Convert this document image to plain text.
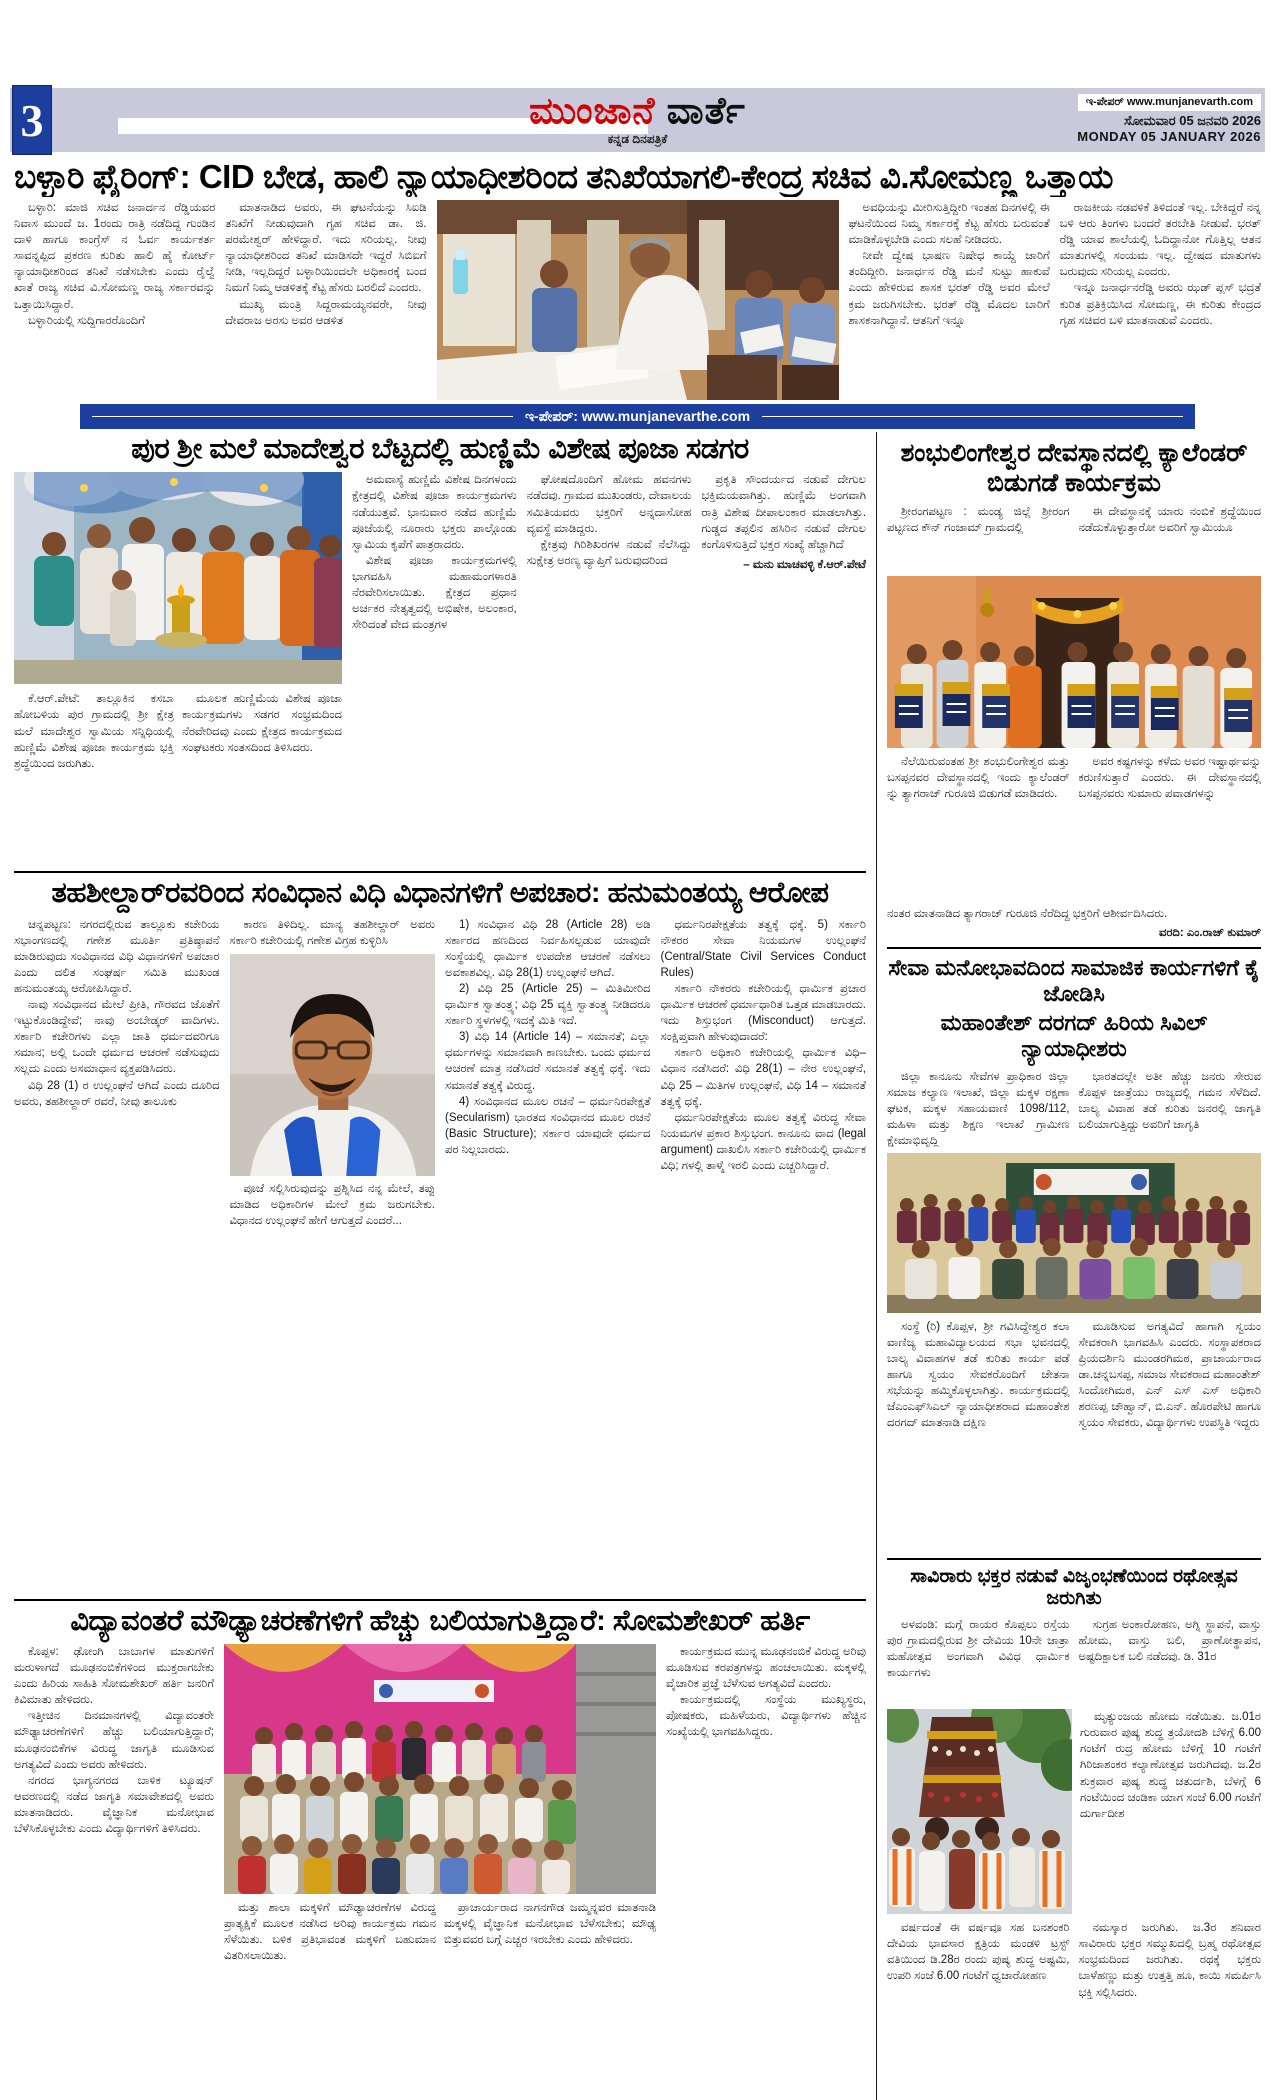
3	ಮುಂಜಾನೆ ವಾರ್ತೆ
ಕನ್ನಡ ದಿನಪತ್ರಿಕೆ
ಇ-ಪೇಪರ್ www.munjanevarth.com
ಸೋಮವಾರ 05 ಜನವರಿ 2026
MONDAY 05 JANUARY 2026
ಬಳ್ಳಾರಿ ಫೈರಿಂಗ್: CID ಬೇಡ, ಹಾಲಿ ನ್ಯಾಯಾಧೀಶರಿಂದ ತನಿಖೆಯಾಗಲಿ-ಕೇಂದ್ರ ಸಚಿವ ವಿ.ಸೋಮಣ್ಣ ಒತ್ತಾಯ

ಬಳ್ಳಾರಿ: ಮಾಜಿ ಸಚಿವ ಜನಾರ್ದನ ರೆಡ್ಡಿಯವರ ನಿವಾಸ ಮುಂದೆ ಜ. 1ರಂದು ರಾತ್ರಿ ನಡೆದಿದ್ದ ಗುಂಡಿನ ದಾಳಿ ಹಾಗೂ ಕಾಂಗ್ರೆಸ್ ನ ಓರ್ವ ಕಾರ್ಯಕರ್ತ ಸಾವನ್ನಪ್ಪಿದ ಪ್ರಕರಣ ಕುರಿತು ಹಾಲಿ ಹೈ ಕೋರ್ಟ್ ನ್ಯಾಯಾಧೀಶರಿಂದ ತನಿಖೆ ನಡೆಸಬೇಕು ಎಂದು ರೈಲ್ವೆ ಖಾತೆ ರಾಜ್ಯ ಸಚಿವ ವಿ.ಸೋಮಣ್ಣ ರಾಜ್ಯ ಸರ್ಕಾರವನ್ನು ಒತ್ತಾಯಿಸಿದ್ದಾರೆ.

ಬಳ್ಳಾರಿಯಲ್ಲಿ ಸುದ್ದಿಗಾರರೊಂದಿಗೆ

ಮಾತನಾಡಿದ ಅವರು, ಈ ಘಟನೆಯನ್ನು ಸಿಐಡಿ ತನಿಖೆಗೆ ನೀಡುವುದಾಗಿ ಗೃಹ ಸಚಿವ ಡಾ. ಜಿ. ಪರಮೇಶ್ವರ್ ಹೇಳಿದ್ದಾರೆ. ಇದು ಸರಿಯಲ್ಲ. ನೀವು ನ್ಯಾಯಾಧೀಶರಿಂದ ತನಿಖೆ ಮಾಡಿಸದೇ ಇದ್ದರೆ ಸಿಬಿಐಗೆ ನೀಡಿ, ಇಲ್ಲದಿದ್ದರೆ ಬಳ್ಳಾರಿಯಿಂದಲೇ ಅಧಿಕಾರಕ್ಕೆ ಬಂದ ನಿಮಗೆ ನಿಮ್ಮ ಆಡಳಿತಕ್ಕೆ ಕೆಟ್ಟ ಹೆಸರು ಬರಲಿದೆ ಎಂದರು.

ಮುಖ್ಯ ಮಂತ್ರಿ ಸಿದ್ದರಾಮಯ್ಯನವರೇ, ನೀವು ದೇವರಾಜ ಅರಸು ಅವರ ಆಡಳಿತ

ಅವಧಿಯನ್ನು ಮೀರಿಸುತ್ತಿದ್ದೀರಿ ಇಂತಹ ದಿನಗಳಲ್ಲಿ ಈ ಘಟನೆಯಿಂದ ನಿಮ್ಮ ಸರ್ಕಾರಕ್ಕೆ ಕೆಟ್ಟ ಹೆಸರು ಬರುವಂತೆ ಮಾಡಿಕೊಳ್ಳಬೇಡಿ ಎಂದು ಸಲಹೆ ನೀಡಿದರು.

ನೀವೇ ದ್ವೇಷ ಭಾಷಣ ನಿಷೇಧ ಕಾಯ್ದೆ ಜಾರಿಗೆ ತಂದಿದ್ದೀರಿ. ಜನಾರ್ಧನ ರೆಡ್ಡಿ ಮನೆ ಸುಟ್ಟು ಹಾಕುವೆ ಎಂದು ಹೇಳಿರುವ ಶಾಸಕ ಭರತ್ ರೆಡ್ಡಿ ಅವರ ಮೇಲೆ ಕ್ರಮ ಜರುಗಿಸಬೇಕು. ಭರತ್ ರೆಡ್ಡಿ ಮೊದಲ ಬಾರಿಗೆ ಶಾಸಕನಾಗಿದ್ದಾನೆ. ಆತನಿಗೆ ಇನ್ನೂ

ರಾಜಕೀಯ ನಡವಳಿಕೆ ತಿಳಿದಂತೆ ಇಲ್ಲ. ಬೇಕಿದ್ದರೆ ನನ್ನ ಬಳಿ ಆರು ತಿಂಗಳು ಬಂದರೆ ತರಬೇತಿ ನೀಡುವೆ. ಭರತ್ ರೆಡ್ಡಿ ಯಾವ ಶಾಲೆಯಲ್ಲಿ ಓದಿದ್ದಾನೋ ಗೊತ್ತಿಲ್ಲ ಆತನ ಮಾತುಗಳಲ್ಲಿ ಸಂಯಮ ಇಲ್ಲ. ದ್ವೇಷದ ಮಾತುಗಳು ಬರುವುದು ಸರಿಯಲ್ಲ ಎಂದರು.

ಇನ್ನೂ ಜನಾರ್ಧನರೆಡ್ಡಿ ಅವರು ಝಡ್ ಪ್ಲಸ್ ಭದ್ರತೆ ಕುರಿತ ಪ್ರತಿಕ್ರಿಯಿಸಿದ ಸೋಮಣ್ಣ, ಈ ಕುರಿತು ಕೇಂದ್ರದ ಗೃಹ ಸಚಿವರ ಬಳಿ ಮಾತನಾಡುವೆ ಎಂದರು.

ಇ-ಪೇಪರ್: www.munjanevarthe.com
ಪುರ ಶ್ರೀ ಮಲೆ ಮಾದೇಶ್ವರ ಬೆಟ್ಟದಲ್ಲಿ ಹುಣ್ಣಿಮೆ ವಿಶೇಷ ಪೂಜಾ ಸಡಗರ

ಕೆ.ಆರ್.ಪೇಟೆ: ತಾಲ್ಲೂಕಿನ ಕಸಬಾ ಹೋಬಳಿಯ ಪುರ ಗ್ರಾಮದಲ್ಲಿ ಶ್ರೀ ಕ್ಷೇತ್ರ ಮಲೆ ಮಾದೇಶ್ವರ ಸ್ವಾಮಿಯ ಸನ್ನಿಧಿಯಲ್ಲಿ ಹುಣ್ಣಿಮೆ ವಿಶೇಷ ಪೂಜಾ ಕಾರ್ಯಕ್ರಮ ಭಕ್ತಿ ಶ್ರದ್ಧೆಯಿಂದ ಜರುಗಿತು.

ಮೂಲಕ ಹುಣ್ಣಿಮೆಯ ವಿಶೇಷ ಪೂಜಾ ಕಾರ್ಯಕ್ರಮಗಳು ಸಡಗರ ಸಂಭ್ರಮದಿಂದ ನೆರವೇರಿದವು ಎಂದು ಕ್ಷೇತ್ರದ ಕಾರ್ಯಕ್ರಮದ ಸಂಘಟಕರು ಸಂತಸದಿಂದ ತಿಳಿಸಿದರು.

ಅಮವಾಸ್ಯೆ ಹುಣ್ಣಿಮೆ ವಿಶೇಷ ದಿನಗಳಂದು ಕ್ಷೇತ್ರದಲ್ಲಿ ವಿಶೇಷ ಪೂಜಾ ಕಾರ್ಯಕ್ರಮಗಳು ನಡೆಯುತ್ತವೆ. ಭಾನುವಾರ ನಡೆದ ಹುಣ್ಣಿಮೆ ಪೂಜೆಯಲ್ಲಿ ನೂರಾರು ಭಕ್ತರು ಪಾಲ್ಗೊಂಡು ಸ್ವಾಮಿಯ ಕೃಪೆಗೆ ಪಾತ್ರರಾದರು.

ವಿಶೇಷ ಪೂಜಾ ಕಾರ್ಯಕ್ರಮಗಳಲ್ಲಿ ಭಾಗವಹಿಸಿ ಮಹಾಮಂಗಳಾರತಿ ನೆರವೇರಿಸಲಾಯಿತು. ಕ್ಷೇತ್ರದ ಪ್ರಧಾನ ಅರ್ಚಕರ ನೇತೃತ್ವದಲ್ಲಿ ಅಭಿಷೇಕ, ಅಲಂಕಾರ, ಸೇರಿದಂತೆ ವೇದ ಮಂತ್ರಗಳ

ಘೋಷದೊಂದಿಗೆ ಹೋಮ ಹವನಗಳು ನಡೆದವು. ಗ್ರಾಮದ ಮುಖಂಡರು, ದೇವಾಲಯ ಸಮಿತಿಯವರು ಭಕ್ತರಿಗೆ ಅನ್ನದಾಸೋಹ ವ್ಯವಸ್ಥೆ ಮಾಡಿದ್ದರು.

ಕ್ಷೇತ್ರವು ಗಿರಿಶಿಖರಗಳ ನಡುವೆ ನೆಲೆಸಿದ್ದು ಸುಕ್ಷೇತ್ರ ಅರಣ್ಯ ವ್ಯಾಪ್ತಿಗೆ ಬರುವುದರಿಂದ

ಪ್ರಕೃತಿ ಸೌಂದರ್ಯದ ನಡುವೆ ದೇಗುಲ ಭಕ್ತಿಮಯವಾಗಿತ್ತು. ಹುಣ್ಣಿಮೆ ಅಂಗವಾಗಿ ರಾತ್ರಿ ವಿಶೇಷ ದೀಪಾಲಂಕಾರ ಮಾಡಲಾಗಿತ್ತು. ಗುಡ್ಡದ ತಪ್ಪಲಿನ ಹಸಿರಿನ ನಡುವೆ ದೇಗುಲ ಕಂಗೊಳಿಸುತ್ತಿದೆ ಭಕ್ತರ ಸಂಖ್ಯೆ ಹೆಚ್ಚಾಗಿದೆ

– ಮನು ಮಾಚವಳ್ಳಿ ಕೆ.ಆರ್.ಪೇಟೆ

ತಹಶೀಲ್ದಾರ್‌ರವರಿಂದ ಸಂವಿಧಾನ ವಿಧಿ ವಿಧಾನಗಳಿಗೆ ಅಪಚಾರ: ಹನುಮಂತಯ್ಯ ಆರೋಪ

ಚನ್ನಪಟ್ಟಣ: ನಗರದಲ್ಲಿರುವ ತಾಲ್ಲೂಕು ಕಚೇರಿಯ ಸಭಾಂಗಣದಲ್ಲಿ ಗಣೇಶ ಮೂರ್ತಿ ಪ್ರತಿಷ್ಠಾಪನೆ ಮಾಡಿರುವುದು ಸಂವಿಧಾನದ ವಿಧಿ ವಿಧಾನಗಳಿಗೆ ಅಪಚಾರ ಎಂದು ದಲಿತ ಸಂಘರ್ಷ ಸಮಿತಿ ಮುಖಂಡ ಹನುಮಂತಯ್ಯ ಆರೋಪಿಸಿದ್ದಾರೆ.

ನಾವು ಸಂವಿಧಾನದ ಮೇಲೆ ಪ್ರೀತಿ, ಗೌರವದ ಜೊತೆಗೆ ಇಟ್ಟುಕೊಂಡಿದ್ದೇವೆ; ನಾವು ಅಂಬೇಡ್ಕರ್ ವಾದಿಗಳು. ಸರ್ಕಾರಿ ಕಚೇರಿಗಳು ಎಲ್ಲಾ ಜಾತಿ ಧರ್ಮದವರಿಗೂ ಸಮಾನ; ಅಲ್ಲಿ ಒಂದೇ ಧರ್ಮದ ಆಚರಣೆ ನಡೆಸುವುದು ಸಲ್ಲದು ಎಂದು ಅಸಮಾಧಾನ ವ್ಯಕ್ತಪಡಿಸಿದರು.

ವಿಧಿ 28 (1) ರ ಉಲ್ಲಂಘನೆ ಆಗಿದೆ ಎಂದು ದೂರಿದ ಅವರು, ತಹಶೀಲ್ದಾರ್ ರವರೆ, ನೀವು ತಾಲೂಕು

ಕಾರಣ ತಿಳಿದಿಲ್ಲ. ಮಾನ್ಯ ತಹಶೀಲ್ದಾರ್ ಅವರು ಸರ್ಕಾರಿ ಕಚೇರಿಯಲ್ಲಿ ಗಣೇಶ ವಿಗ್ರಹ ಕುಳ್ಳಿರಿಸಿ

ಪೂಜೆ ಸಲ್ಲಿಸಿರುವುದನ್ನು ಪ್ರಶ್ನಿಸಿದ ನನ್ನ ಮೇಲೆ, ತಪ್ಪು ಮಾಡಿದ ಅಧಿಕಾರಿಗಳ ಮೇಲೆ ಕ್ರಮ ಜರುಗಬೇಕು. ವಿಧಾನದ ಉಲ್ಲಂಘನೆ ಹೇಗೆ ಆಗುತ್ತದೆ ಎಂದರೆ...

1) ಸಂವಿಧಾನ ವಿಧಿ 28 (Article 28) ಅಡಿ ಸರ್ಕಾರದ ಹಣದಿಂದ ನಿರ್ವಹಿಸಲ್ಪಡುವ ಯಾವುದೇ ಸಂಸ್ಥೆಯಲ್ಲಿ ಧಾರ್ಮಿಕ ಉಪದೇಶ ಆಚರಣೆ ನಡೆಸಲು ಅವಕಾಶವಿಲ್ಲ. ವಿಧಿ 28(1) ಉಲ್ಲಂಘನೆ ಆಗಿದೆ.

2) ವಿಧಿ 25 (Article 25) – ಮಿತಿಮೀರಿದ ಧಾರ್ಮಿಕ ಸ್ವಾತಂತ್ರ್ಯ; ವಿಧಿ 25 ವ್ಯಕ್ತಿ ಸ್ವಾತಂತ್ರ್ಯ ನೀಡಿದರೂ ಸರ್ಕಾರಿ ಸ್ಥಳಗಳಲ್ಲಿ ಇದಕ್ಕೆ ಮಿತಿ ಇದೆ.

3) ವಿಧಿ 14 (Article 14) – ಸಮಾನತೆ; ಎಲ್ಲಾ ಧರ್ಮಗಳನ್ನು ಸಮಾನವಾಗಿ ಕಾಣಬೇಕು. ಒಂದು ಧರ್ಮದ ಆಚರಣೆ ಮಾತ್ರ ನಡೆಸಿದರೆ ಸಮಾನತೆ ತತ್ವಕ್ಕೆ ಧಕ್ಕೆ. ಇದು ಸಮಾನತೆ ತತ್ವಕ್ಕೆ ವಿರುದ್ಧ.

4) ಸಂವಿಧಾನದ ಮೂಲ ರಚನೆ – ಧರ್ಮನಿರಪೇಕ್ಷತೆ (Secularism) ಭಾರತದ ಸಂವಿಧಾನದ ಮೂಲ ರಚನೆ (Basic Structure); ಸರ್ಕಾರ ಯಾವುದೇ ಧರ್ಮದ ಪರ ನಿಲ್ಲಬಾರದು.

ಧರ್ಮನಿರಪೇಕ್ಷತೆಯ ತತ್ವಕ್ಕೆ ಧಕ್ಕೆ. 5) ಸರ್ಕಾರಿ ನೌಕರರ ಸೇವಾ ನಿಯಮಗಳ ಉಲ್ಲಂಘನೆ (Central/State Civil Services Conduct Rules)

ಸರ್ಕಾರಿ ನೌಕರರು ಕಚೇರಿಯಲ್ಲಿ ಧಾರ್ಮಿಕ ಪ್ರಚಾರ ಧಾರ್ಮಿಕ ಆಚರಣೆ ಧರ್ಮಾಧಾರಿತ ಒತ್ತಡ ಮಾಡಬಾರದು. ಇದು ಶಿಸ್ತುಭಂಗ (Misconduct) ಆಗುತ್ತದೆ. ಸಂಕ್ಷಿಪ್ತವಾಗಿ ಹೇಳುವುದಾದರೆ:

ಸರ್ಕಾರಿ ಅಧಿಕಾರಿ ಕಚೇರಿಯಲ್ಲಿ ಧಾರ್ಮಿಕ ವಿಧಿ–ವಿಧಾನ ನಡೆಸಿದರೆ: ವಿಧಿ 28(1) – ನೇರ ಉಲ್ಲಂಘನೆ, ವಿಧಿ 25 – ಮಿತಿಗಳ ಉಲ್ಲಂಘನೆ, ವಿಧಿ 14 – ಸಮಾನತೆ ತತ್ವಕ್ಕೆ ಧಕ್ಕೆ.

ಧರ್ಮನಿರಪೇಕ್ಷತೆಯ ಮೂಲ ತತ್ವಕ್ಕೆ ವಿರುದ್ಧ ಸೇವಾ ನಿಯಮಗಳ ಪ್ರಕಾರ ಶಿಸ್ತುಭಂಗ. ಕಾನೂನು ವಾದ (legal argument) ದಾಖಲಿಸಿ ಸರ್ಕಾರಿ ಕಚೇರಿಯಲ್ಲಿ ಧಾರ್ಮಿಕ ವಿಧಿ; ಗಳಲ್ಲಿ ತಾಳ್ಮೆ ಇರಲಿ ಎಂದು ಎಚ್ಚರಿಸಿದ್ದಾರೆ.

ವಿದ್ಯಾವಂತರೆ ಮೌಢ್ಯಾಚರಣೆಗಳಿಗೆ ಹೆಚ್ಚು ಬಲಿಯಾಗುತ್ತಿದ್ದಾರೆ: ಸೋಮಶೇಖರ್ ಹರ್ತಿ

ಕೊಪ್ಪಳ: ಢೋಂಗಿ ಬಾಬಾಗಳ ಮಾತುಗಳಿಗೆ ಮರುಳಾಗದೆ ಮೂಢನಂಬಿಕೆಗಳಿಂದ ಮುಕ್ತರಾಗಬೇಕು ಎಂದು ಹಿರಿಯ ಸಾಹಿತಿ ಸೋಮಶೇಖರ್ ಹರ್ತಿ ಜನರಿಗೆ ಕಿವಿಮಾತು ಹೇಳಿದರು.

ಇತ್ತೀಚಿನ ದಿನಮಾನಗಳಲ್ಲಿ ವಿದ್ಯಾವಂತರೇ ಮೌಢ್ಯಾಚರಣೆಗಳಿಗೆ ಹೆಚ್ಚು ಬಲಿಯಾಗುತ್ತಿದ್ದಾರೆ; ಮೂಢನಂಬಿಕೆಗಳ ವಿರುದ್ಧ ಜಾಗೃತಿ ಮೂಡಿಸುವ ಅಗತ್ಯವಿದೆ ಎಂದು ಅವರು ಹೇಳಿದರು.

ನಗರದ ಭಾಗ್ಯನಗರದ ಬಾಳಿಕ ಟ್ಯೂಷನ್ ಆವರಣದಲ್ಲಿ ನಡೆದ ಜಾಗೃತಿ ಸಮಾವೇಶದಲ್ಲಿ ಅವರು ಮಾತನಾಡಿದರು. ವೈಜ್ಞಾನಿಕ ಮನೋಭಾವ ಬೆಳೆಸಿಕೊಳ್ಳಬೇಕು ಎಂದು ವಿದ್ಯಾರ್ಥಿಗಳಿಗೆ ತಿಳಿಸಿದರು.

ಮತ್ತು ಶಾಲಾ ಮಕ್ಕಳಿಗೆ ಮೌಢ್ಯಾಚರಣೆಗಳ ವಿರುದ್ಧ ಪ್ರಾತ್ಯಕ್ಷಿಕೆ ಮೂಲಕ ನಡೆಸಿದ ಅರಿವು ಕಾರ್ಯಕ್ರಮ ಗಮನ ಸೆಳೆಯಿತು. ಬಳಿಕ ಪ್ರತಿಭಾವಂತ ಮಕ್ಕಳಿಗೆ ಬಹುಮಾನ ವಿತರಿಸಲಾಯಿತು.

ಪ್ರಾಚಾರ್ಯರಾದ ನಾಗನಗೌಡ ಜಮ್ಮನ್ನವರ ಮಾತನಾಡಿ ಮಕ್ಕಳಲ್ಲಿ ವೈಜ್ಞಾನಿಕ ಮನೋಭಾವ ಬೆಳೆಸಬೇಕು; ಮೌಢ್ಯ ಬಿತ್ತುವವರ ಬಗ್ಗೆ ಎಚ್ಚರ ಇರಬೇಕು ಎಂದು ಹೇಳಿದರು.

ಕಾರ್ಯಕ್ರಮದ ಮುನ್ನ ಮೂಢನಂಬಿಕೆ ವಿರುದ್ಧ ಅರಿವು ಮೂಡಿಸುವ ಕರಪತ್ರಗಳನ್ನು ಹಂಚಲಾಯಿತು. ಮಕ್ಕಳಲ್ಲಿ ವೈಚಾರಿಕ ಪ್ರಜ್ಞೆ ಬೆಳೆಸುವ ಅಗತ್ಯವಿದೆ ಎಂದರು.

ಕಾರ್ಯಕ್ರಮದಲ್ಲಿ ಸಂಸ್ಥೆಯ ಮುಖ್ಯಸ್ಥರು, ಪೋಷಕರು, ಮಹಿಳೆಯರು, ವಿದ್ಯಾರ್ಥಿಗಳು ಹೆಚ್ಚಿನ ಸಂಖ್ಯೆಯಲ್ಲಿ ಭಾಗವಹಿಸಿದ್ದರು.

ಶಂಭುಲಿಂಗೇಶ್ವರ ದೇವಸ್ಥಾನದಲ್ಲಿ ಕ್ಯಾಲೆಂಡರ್ ಬಿಡುಗಡೆ ಕಾರ್ಯಕ್ರಮ

ಶ್ರೀರಂಗಪಟ್ಟಣ : ಮಂಡ್ಯ ಜಿಲ್ಲೆ ಶ್ರೀರಂಗ ಪಟ್ಟಣದ ಕೌನ್ ಗಂಜಾಮ್ ಗ್ರಾಮದಲ್ಲಿ

ಈ ದೇವಸ್ಥಾನಕ್ಕೆ ಯಾರು ನಂಬಿಕೆ ಶ್ರದ್ಧೆಯಿಂದ ನಡೆದುಕೊಳ್ಳುತ್ತಾರೋ ಅವರಿಗೆ ಸ್ವಾಮಿಯೂ

ನೆಲೆಯಿರುವಂತಹ ಶ್ರೀ ಶಂಭುಲಿಂಗೇಶ್ವರ ಮತ್ತು ಬಸಪ್ಪನವರ ದೇವಸ್ಥಾನದಲ್ಲಿ ಇಂದು ಕ್ಯಾಲೆಂಡರ್ ನ್ನು ತ್ಯಾಗರಾಜ್ ಗುರೂಜಿ ಬಿಡುಗಡೆ ಮಾಡಿದರು.

ಅವರ ಕಷ್ಟಗಳನ್ನು ಕಳೆದು ಅವರ ಇಷ್ಟಾರ್ಥವನ್ನು ಕರುಣಿಸುತ್ತಾರೆ ಎಂದರು. ಈ ದೇವಸ್ಥಾನದಲ್ಲಿ ಬಸಪ್ಪನವರು ಸುಮಾರು ಪವಾಡಗಳನ್ನು

ನಂತರ ಮಾತನಾಡಿದ ತ್ಯಾಗರಾಜ್ ಗುರೂಜಿ ನೆರೆದಿದ್ದ ಭಕ್ತರಿಗೆ ಆಶೀರ್ವದಿಸಿದರು.

ವರದಿ: ಎಂ.ರಾಜ್ ಕುಮಾರ್

ಸೇವಾ ಮನೋಭಾವದಿಂದ ಸಾಮಾಜಿಕ ಕಾರ್ಯಗಳಿಗೆ ಕೈ ಜೋಡಿಸಿ
ಮಹಾಂತೇಶ್ ದರಗದ್ ಹಿರಿಯ ಸಿವಿಲ್ ನ್ಯಾಯಾಧೀಶರು

ಜಿಲ್ಲಾ ಕಾನೂನು ಸೇವೆಗಳ ಪ್ರಾಧಿಕಾರ ಜಿಲ್ಲಾ ಸಮಾಜ ಕಲ್ಯಾಣ ಇಲಾಖೆ, ಜಿಲ್ಲಾ ಮಕ್ಕಳ ರಕ್ಷಣಾ ಘಟಕ, ಮಕ್ಕಳ ಸಹಾಯವಾಣಿ 1098/112, ಮಹಿಳಾ ಮತ್ತು ಶಿಕ್ಷಣ ಇಲಾಖೆ ಗ್ರಾಮೀಣ ಕ್ಷೇಮಾಭಿವೃದ್ಧಿ

ಭಾರತದಲ್ಲೇ ಅತೀ ಹೆಚ್ಚು ಜನರು ಸೇರುವ ಕೊಪ್ಪಳ ಜಾತ್ರೆಯು ರಾಜ್ಯದಲ್ಲಿ ಗಮನ ಸೆಳೆದಿದೆ. ಬಾಲ್ಯ ವಿವಾಹ ತಡೆ ಕುರಿತು ಜನರಲ್ಲಿ ಜಾಗೃತಿ ಬಲಿಯಾಗುತ್ತಿದ್ದು ಅವರಿಗೆ ಜಾಗೃತಿ

ಸಂಸ್ಥೆ (ರಿ) ಕೊಪ್ಪಳ, ಶ್ರೀ ಗವಿಸಿದ್ದೇಶ್ವರ ಕಲಾ ವಾಣಿಜ್ಯ ಮಹಾವಿದ್ಯಾಲಯದ ಸಭಾ ಭವನದಲ್ಲಿ ಬಾಲ್ಯ ವಿವಾಹಗಳ ತಡೆ ಕುರಿತು ಕಾರ್ಯ ಪಡೆ ಹಾಗೂ ಸ್ವಯಂ ಸೇವಕರೊಂದಿಗೆ ಚೇತನಾ ಸಭೆಯನ್ನು ಹಮ್ಮಿಕೊಳ್ಳಲಾಗಿತ್ತು. ಕಾರ್ಯಕ್ರಮದಲ್ಲಿ ಜೆಎಂಎಫ್‌ಸಿಎಲ್ ನ್ಯಾಯಾಧೀಶರಾದ ಮಹಾಂತೇಶ ದರಗದ್ ಮಾತನಾಡಿ ದಕ್ಷಿಣ

ಮೂಡಿಸುವ ಅಗತ್ಯವಿದೆ ಹಾಗಾಗಿ ಸ್ವಯಂ ಸೇವಕರಾಗಿ ಭಾಗವಹಿಸಿ ಎಂದರು. ಸಂಸ್ಥಾಪಕರಾದ ಪ್ರಿಯದರ್ಶಿನಿ ಮುಂಡರಗಿಮಠ, ಪ್ರಾಚಾರ್ಯರಾದ ಡಾ.ಚನ್ನಬಸಪ್ಪ, ಸಮಾಜ ಸೇವಕರಾದ ಮಹಾಂತೇಶ್ ಸಿಂದೋಗಿಮಠ, ಎನ್ ಎಸ್ ಎಸ್ ಅಧಿಕಾರಿ ಶರಣಪ್ಪ ಚೌಹ್ವಾನ್, ಬಿ.ಎನ್. ಹೊರಪೇಟಿ ಹಾಗೂ ಸ್ವಯಂ ಸೇವಕರು, ವಿದ್ಯಾರ್ಥಿಗಳು ಉಪಸ್ಥಿತಿ ಇದ್ದರು

ಸಾವಿರಾರು ಭಕ್ತರ ನಡುವೆ ವಿಜೃಂಭಣೆಯಿಂದ ರಥೋತ್ಸವ ಜರುಗಿತು

ಅಳವಂಡಿ: ಮಗ್ಗೆ ರಾಯರ ಕೊಪ್ಪಲು ರಸ್ತೆಯ ಪುರ ಗ್ರಾಮದಲ್ಲಿರುವ ಶ್ರೀ ದೇವಿಯ 10ನೇ ಜಾತ್ರಾ ಮಹೋತ್ಸವ ಅಂಗವಾಗಿ ವಿವಿಧ ಧಾರ್ಮಿಕ ಕಾರ್ಯಗಳು

ಸುಗ್ರಹ ಅಂಕಾರೋಹಣ, ಅಗ್ನಿ ಸ್ಥಾಪನೆ, ವಾಸ್ತು ಹೋಮ, ವಾಸ್ತು ಬಲಿ, ಪ್ರಾಣೋತ್ಥಾಪನ, ಅಷ್ಟದಿಕ್ಪಾಲಕ ಬಲಿ ನಡೆದವು. ಡಿ. 31ರ

ಮೃತ್ಯುಂಜಯ ಹೋಮ ನಡೆಯಿತು. ಜ.01ರ ಗುರುವಾರ ಪುಷ್ಯ ಶುದ್ಧ ತ್ರಯೋದಶಿ ಬೆಳಿಗ್ಗೆ 6.00 ಗಂಟೆಗೆ ರುದ್ರ ಹೋಮ ಬೆಳಿಗ್ಗೆ 10 ಗಂಟೆಗೆ ಗಿರಿಜಾಶಂಕರ ಕಲ್ಯಾಣೋತ್ಸವ ಜರುಗಿದವು. ಜ.2ರ ಶುಕ್ರವಾರ ಪುಷ್ಯ ಶುದ್ಧ ಚತುರ್ದಶಿ, ಬೆಳಗ್ಗೆ 6 ಗಂಟೆಯಿಂದ ಚಂಡಿಕಾ ಯಾಗ ಸಂಜೆ 6.00 ಗಂಟೆಗೆ ದುರ್ಗಾದೀಶ

ವರ್ಷದಂತೆ ಈ ವರ್ಷವೂ ಸಹ ಬನಶಂಕರಿ ದೇವಿಯ ಭಾವಸಾರ ಕ್ಷತ್ರಿಯ ಮಂಡಳಿ ಟ್ರಸ್ಟ್ ವತಿಯಿಂದ ಡಿ.28ರ ರಂದು ಪುಷ್ಯ ಶುದ್ಧ ಅಷ್ಟಮಿ, ಉಪರಿ ಸಂಜೆ 6.00 ಗಂಟೆಗೆ ಧ್ವಜಾರೋಹಣ

ನಮಸ್ಕಾರ ಜರುಗಿತು. ಜ.3ರ ಶನಿವಾರ ಸಾವಿರಾರು ಭಕ್ತರ ಸಮ್ಮುಖದಲ್ಲಿ ಬ್ರಹ್ಮ ರಥೋತ್ಸವ ಸಂಭ್ರಮದಿಂದ ಜರುಗಿತು. ರಥಕ್ಕೆ ಭಕ್ತರು ಬಾಳೆಹಣ್ಣು ಮತ್ತು ಉತ್ತತ್ತಿ ಹೂ, ಕಾಯಿ ಸಮರ್ಪಿಸಿ ಭಕ್ತಿ ಸಲ್ಲಿಸಿದರು.
